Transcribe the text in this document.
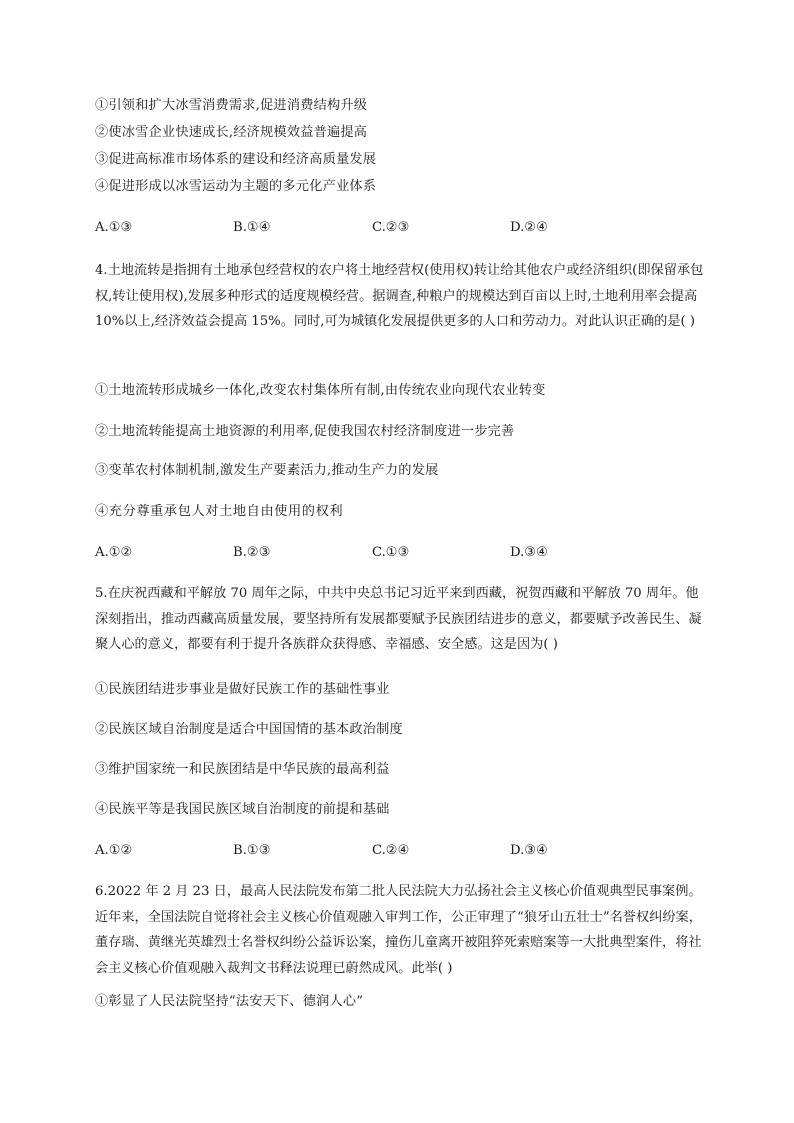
①引领和扩大冰雪消费需求,促进消费结构升级
②使冰雪企业快速成长,经济规模效益普遍提高
③促进高标准市场体系的建设和经济高质量发展
④促进形成以冰雪运动为主题的多元化产业体系
A.①③	B.①④	C.②③	D.②④
4.土地流转是指拥有土地承包经营权的农户将土地经营权(使用权)转让给其他农户或经济组织(即保留承包权,转让使用权),发展多种形式的适度规模经营。据调查,种粮户的规模达到百亩以上时,土地利用率会提高 10%以上,经济效益会提高 15%。同时,可为城镇化发展提供更多的人口和劳动力。对此认识正确的是( )
①土地流转形成城乡一体化,改变农村集体所有制,由传统农业向现代农业转变
②土地流转能提高土地资源的利用率,促使我国农村经济制度进一步完善
③变革农村体制机制,激发生产要素活力,推动生产力的发展
④充分尊重承包人对土地自由使用的权利
A.①②	B.②③	C.①③	D.③④
5.在庆祝西藏和平解放 70 周年之际，中共中央总书记习近平来到西藏，祝贺西藏和平解放 70 周年。他深刻指出，推动西藏高质量发展，要坚持所有发展都要赋予民族团结进步的意义，都要赋予改善民生、凝聚人心的意义，都要有利于提升各族群众获得感、幸福感、安全感。这是因为( )
①民族团结进步事业是做好民族工作的基础性事业
②民族区域自治制度是适合中国国情的基本政治制度
③维护国家统一和民族团结是中华民族的最高利益
④民族平等是我国民族区域自治制度的前提和基础
A.①②	B.①③	C.②④	D.③④
6.2022 年 2 月 23 日，最高人民法院发布第二批人民法院大力弘扬社会主义核心价值观典型民事案例。近年来，全国法院自觉将社会主义核心价值观融入审判工作，公正审理了“狼牙山五壮士”名誉权纠纷案，董存瑞、黄继光英雄烈士名誉权纠纷公益诉讼案，撞伤儿童离开被阻猝死索赔案等一大批典型案件，将社会主义核心价值观融入裁判文书释法说理已蔚然成风。此举( )
①彰显了人民法院坚持“法安天下、德润人心”
